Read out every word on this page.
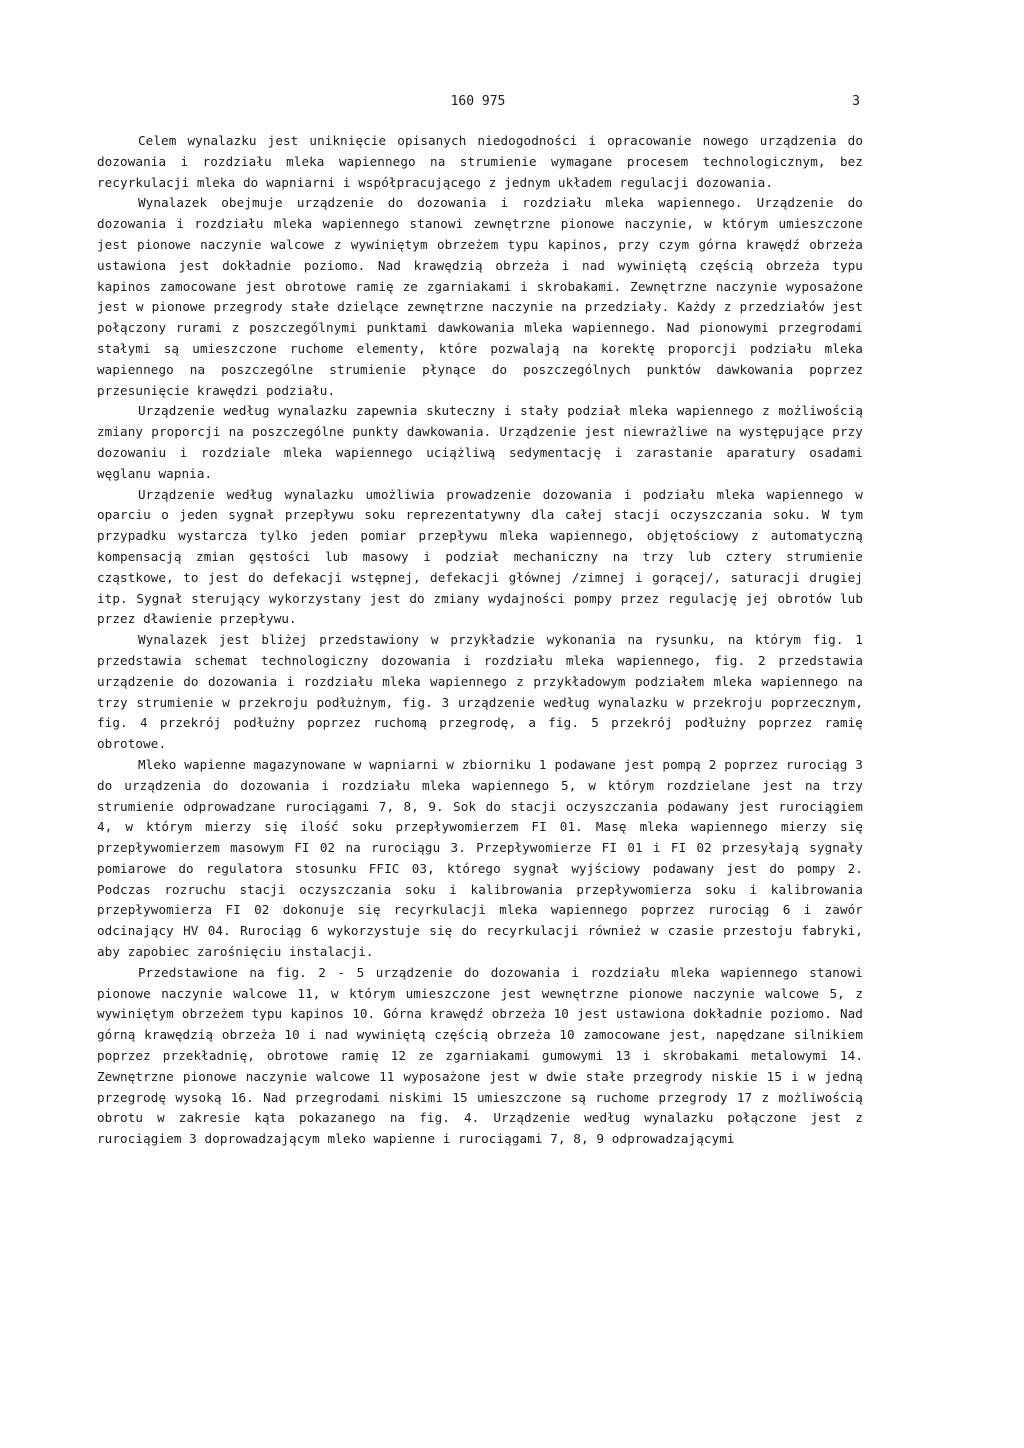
160 975	3

Celem wynalazku jest uniknięcie opisanych niedogodności i opracowanie nowego urządzenia do dozowania i rozdziału mleka wapiennego na strumienie wymagane procesem technologicznym, bez recyrkulacji mleka do wapniarni i współpracującego z jednym układem regulacji dozowania.

Wynalazek obejmuje urządzenie do dozowania i rozdziału mleka wapiennego. Urządzenie do dozowania i rozdziału mleka wapiennego stanowi zewnętrzne pionowe naczynie, w którym umieszczone jest pionowe naczynie walcowe z wywiniętym obrzeżem typu kapinos, przy czym górna krawędź obrzeża ustawiona jest dokładnie poziomo. Nad krawędzią obrzeża i nad wywiniętą częścią obrzeża typu kapinos zamocowane jest obrotowe ramię ze zgarniakami i skrobakami. Zewnętrzne naczynie wyposażone jest w pionowe przegrody stałe dzielące zewnętrzne naczynie na przedziały. Każdy z przedziałów jest połączony rurami z poszczególnymi punktami dawkowania mleka wapiennego. Nad pionowymi przegrodami stałymi są umieszczone ruchome elementy, które pozwalają na korektę proporcji podziału mleka wapiennego na poszczególne strumienie płynące do poszczególnych punktów dawkowania poprzez przesunięcie krawędzi podziału.

Urządzenie według wynalazku zapewnia skuteczny i stały podział mleka wapiennego z możliwością zmiany proporcji na poszczególne punkty dawkowania. Urządzenie jest niewrażliwe na występujące przy dozowaniu i rozdziale mleka wapiennego uciążliwą sedymentację i zarastanie aparatury osadami węglanu wapnia.

Urządzenie według wynalazku umożliwia prowadzenie dozowania i podziału mleka wapiennego w oparciu o jeden sygnał przepływu soku reprezentatywny dla całej stacji oczyszczania soku. W tym przypadku wystarcza tylko jeden pomiar przepływu mleka wapiennego, objętościowy z automatyczną kompensacją zmian gęstości lub masowy i podział mechaniczny na trzy lub cztery strumienie cząstkowe, to jest do defekacji wstępnej, defekacji głównej /zimnej i gorącej/, saturacji drugiej itp. Sygnał sterujący wykorzystany jest do zmiany wydajności pompy przez regulację jej obrotów lub przez dławienie przepływu.

Wynalazek jest bliżej przedstawiony w przykładzie wykonania na rysunku, na którym fig. 1 przedstawia schemat technologiczny dozowania i rozdziału mleka wapiennego, fig. 2 przedstawia urządzenie do dozowania i rozdziału mleka wapiennego z przykładowym podziałem mleka wapiennego na trzy strumienie w przekroju podłużnym, fig. 3 urządzenie według wynalazku w przekroju poprzecznym, fig. 4 przekrój podłużny poprzez ruchomą przegrodę, a fig. 5 przekrój podłużny poprzez ramię obrotowe.

Mleko wapienne magazynowane w wapniarni w zbiorniku 1 podawane jest pompą 2 poprzez rurociąg 3 do urządzenia do dozowania i rozdziału mleka wapiennego 5, w którym rozdzielane jest na trzy strumienie odprowadzane rurociągami 7, 8, 9. Sok do stacji oczyszczania podawany jest rurociągiem 4, w którym mierzy się ilość soku przepływomierzem FI 01. Masę mleka wapiennego mierzy się przepływomierzem masowym FI 02 na rurociągu 3. Przepływomierze FI 01 i FI 02 przesyłają sygnały pomiarowe do regulatora stosunku FFIC 03, którego sygnał wyjściowy podawany jest do pompy 2. Podczas rozruchu stacji oczyszczania soku i kalibrowania przepływomierza soku i kalibrowania przepływomierza FI 02 dokonuje się recyrkulacji mleka wapiennego poprzez rurociąg 6 i zawór odcinający HV 04. Rurociąg 6 wykorzystuje się do recyrkulacji również w czasie przestoju fabryki, aby zapobiec zarośnięciu instalacji.

Przedstawione na fig. 2 - 5 urządzenie do dozowania i rozdziału mleka wapiennego stanowi pionowe naczynie walcowe 11, w którym umieszczone jest wewnętrzne pionowe naczynie walcowe 5, z wywiniętym obrzeżem typu kapinos 10. Górna krawędź obrzeża 10 jest ustawiona dokładnie poziomo. Nad górną krawędzią obrzeża 10 i nad wywiniętą częścią obrzeża 10 zamocowane jest, napędzane silnikiem poprzez przekładnię, obrotowe ramię 12 ze zgarniakami gumowymi 13 i skrobakami metalowymi 14. Zewnętrzne pionowe naczynie walcowe 11 wyposażone jest w dwie stałe przegrody niskie 15 i w jedną przegrodę wysoką 16. Nad przegrodami niskimi 15 umieszczone są ruchome przegrody 17 z możliwością obrotu w zakresie kąta pokazanego na fig. 4. Urządzenie według wynalazku połączone jest z rurociągiem 3 doprowadzającym mleko wapienne i rurociągami 7, 8, 9 odprowadzającymi
